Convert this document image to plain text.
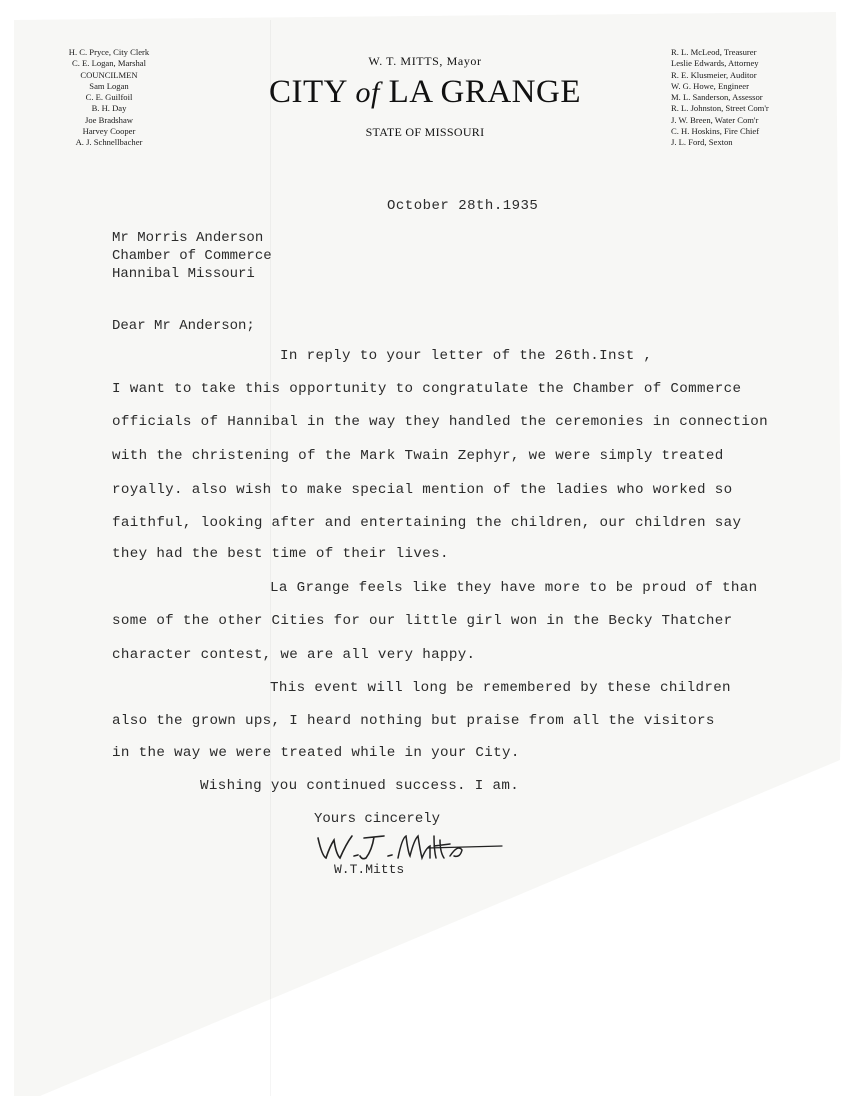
H. C. Pryce, City Clerk
C. E. Logan, Marshal
COUNCILMEN
Sam Logan
C. E. Guilfoil
B. H. Day
Joe Bradshaw
Harvey Cooper
A. J. Schnellbacher
W. T. MITTS, Mayor
CITY of LA GRANGE
STATE OF MISSOURI
R. L. McLeod, Treasurer
Leslie Edwards, Attorney
R. E. Klusmeier, Auditor
W. G. Howe, Engineer
M. L. Sanderson, Assessor
R. L. Johnston, Street Com'r
J. W. Breen, Water Com'r
C. H. Hoskins, Fire Chief
J. L. Ford, Sexton
October 28th.1935
Mr Morris Anderson
Chamber of Commerce
Hannibal Missouri
Dear Mr Anderson;
In reply to your letter of the 26th.Inst ,
I want to take this opportunity to congratulate the Chamber of Commerce
officials of Hannibal in the way they handled the ceremonies in connection
with the christening of the Mark Twain Zephyr, we were simply treated
royally. also wish to make special mention of the ladies who worked so
faithful, looking after and entertaining the children, our children say
they had the best time of their lives.
La Grange feels like they have more to be proud of than
some of the other Cities for our little girl won in the Becky Thatcher
character contest, we are all very happy.
This event will long be remembered by these children
also the grown ups, I heard nothing but praise from all the visitors
in the way we were treated while in your City.
Wishing you continued success. I am.
Yours cincerely
W.T.Mitts
